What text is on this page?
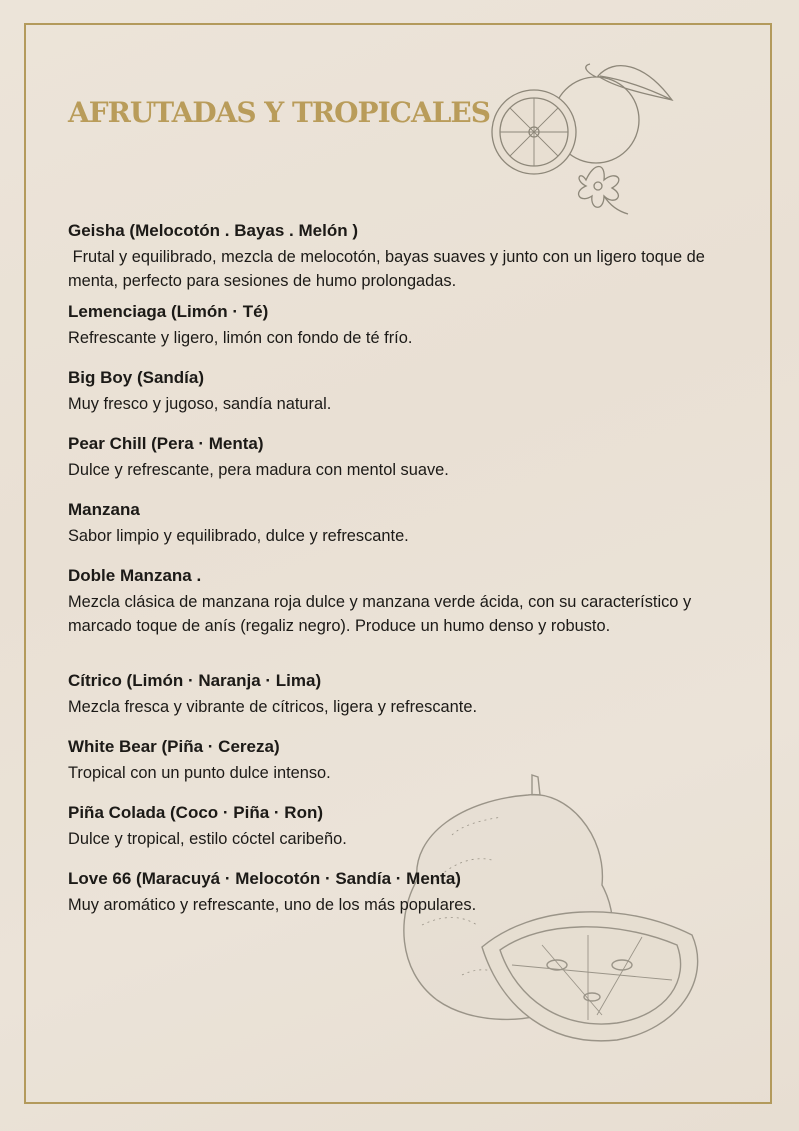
AFRUTADAS Y TROPICALES

Geisha (Melocotón . Bayas . Melón )

Frutal y equilibrado, mezcla de melocotón, bayas suaves y junto con un ligero toque de menta, perfecto para sesiones de humo prolongadas.

Lemenciaga (Limón · Té)

Refrescante y ligero, limón con fondo de té frío.

Big Boy (Sandía)

Muy fresco y jugoso, sandía natural.

Pear Chill (Pera · Menta)

Dulce y refrescante, pera madura con mentol suave.

Manzana

Sabor limpio y equilibrado, dulce y refrescante.

Doble Manzana .

Mezcla clásica de manzana roja dulce y manzana verde ácida, con su característico y marcado toque de anís (regaliz negro). Produce un humo denso y robusto.

Cítrico (Limón · Naranja · Lima)

Mezcla fresca y vibrante de cítricos, ligera y refrescante.

White Bear (Piña · Cereza)

Tropical con un punto dulce intenso.

Piña Colada (Coco · Piña · Ron)

Dulce y tropical, estilo cóctel caribeño.

Love 66 (Maracuyá · Melocotón · Sandía · Menta)

Muy aromático y refrescante, uno de los más populares.
